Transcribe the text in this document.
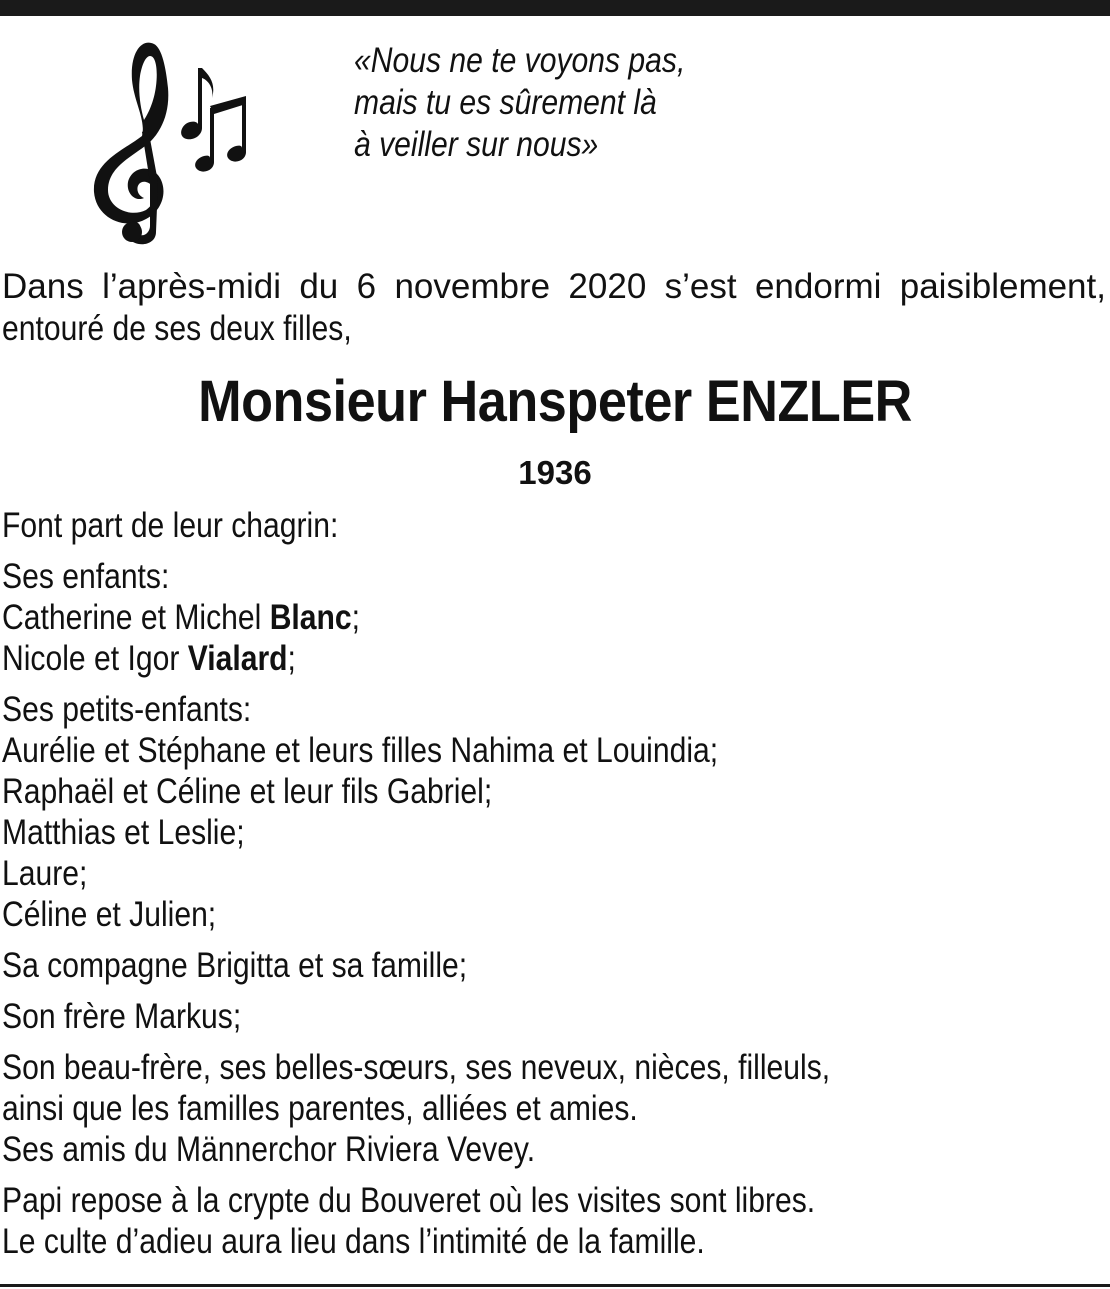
«Nous ne te voyons pas,
mais tu es sûrement là
à veiller sur nous»
Dans l’après-midi du 6 novembre 2020 s’est endormi paisiblement,
entouré de ses deux filles,
Monsieur Hanspeter ENZLER
1936
Font part de leur chagrin:
Ses enfants:
Catherine et Michel Blanc;
Nicole et Igor Vialard;
Ses petits-enfants:
Aurélie et Stéphane et leurs filles Nahima et Louindia;
Raphaël et Céline et leur fils Gabriel;
Matthias et Leslie;
Laure;
Céline et Julien;
Sa compagne Brigitta et sa famille;
Son frère Markus;
Son beau-frère, ses belles-sœurs, ses neveux, nièces, filleuls,
ainsi que les familles parentes, alliées et amies.
Ses amis du Männerchor Riviera Vevey.
Papi repose à la crypte du Bouveret où les visites sont libres.
Le culte d’adieu aura lieu dans l’intimité de la famille.
